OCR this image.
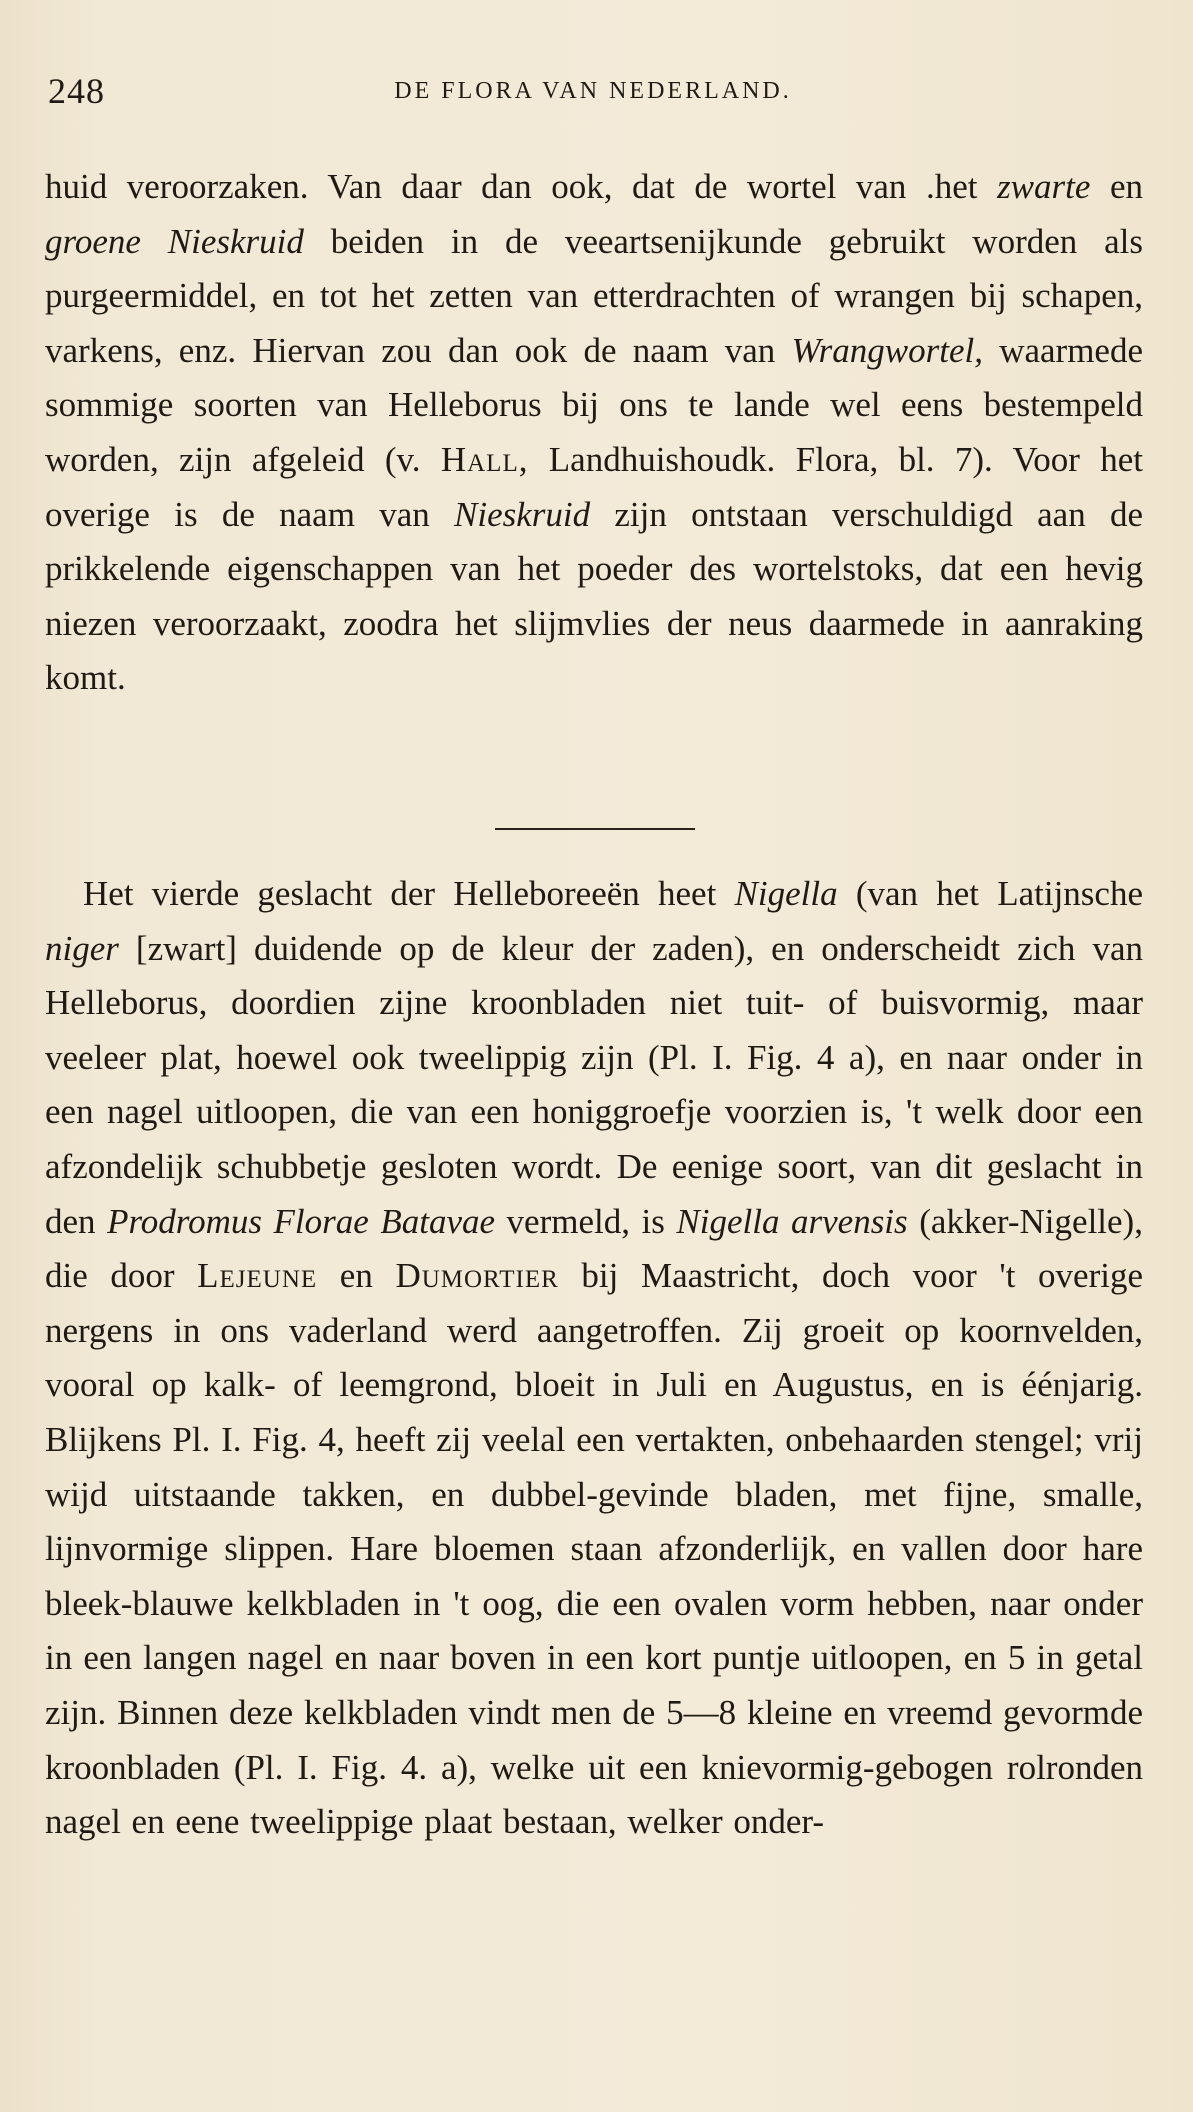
248	DE FLORA VAN NEDERLAND.

huid veroorzaken. Van daar dan ook, dat de wortel van .het zwarte en groene Nieskruid beiden in de veeartsenijkunde gebruikt worden als purgeermiddel, en tot het zetten van etterdrachten of wrangen bij schapen, varkens, enz. Hiervan zou dan ook de naam van Wrangwortel, waarmede sommige soorten van Helleborus bij ons te lande wel eens bestempeld worden, zijn afgeleid (v. Hall, Landhuishoudk. Flora, bl. 7). Voor het overige is de naam van Nieskruid zijn ontstaan verschuldigd aan de prikkelende eigenschappen van het poeder des wortelstoks, dat een hevig niezen veroorzaakt, zoodra het slijmvlies der neus daarmede in aanraking komt.

Het vierde geslacht der Helleboreeën heet Nigella (van het Latijnsche niger [zwart] duidende op de kleur der zaden), en onderscheidt zich van Helleborus, doordien zijne kroonbladen niet tuit- of buisvormig, maar veeleer plat, hoewel ook tweelippig zijn (Pl. I. Fig. 4 a), en naar onder in een nagel uitloopen, die van een honiggroefje voorzien is, 't welk door een afzondelijk schubbetje gesloten wordt. De eenige soort, van dit geslacht in den Prodromus Florae Batavae vermeld, is Nigella arvensis (akker-Nigelle), die door Lejeune en Dumortier bij Maastricht, doch voor 't overige nergens in ons vaderland werd aangetroffen. Zij groeit op koornvelden, vooral op kalk- of leemgrond, bloeit in Juli en Augustus, en is éénjarig. Blijkens Pl. I. Fig. 4, heeft zij veelal een vertakten, onbehaarden stengel; vrij wijd uitstaande takken, en dubbel-gevinde bladen, met fijne, smalle, lijnvormige slippen. Hare bloemen staan afzonderlijk, en vallen door hare bleek-blauwe kelkbladen in 't oog, die een ovalen vorm hebben, naar onder in een langen nagel en naar boven in een kort puntje uitloopen, en 5 in getal zijn. Binnen deze kelkbladen vindt men de 5—8 kleine en vreemd gevormde kroonbladen (Pl. I. Fig. 4. a), welke uit een knievormig-gebogen rolronden nagel en eene tweelippige plaat bestaan, welker onder-
